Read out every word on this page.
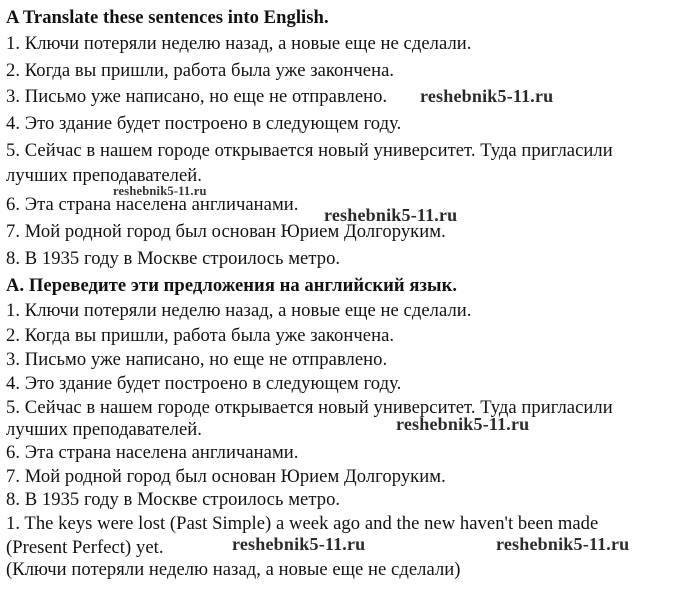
A Translate these sentences into English.
1. Ключи потеряли неделю назад, а новые еще не сделали.
2. Когда вы пришли, работа была уже закончена.
3. Письмо уже написано, но еще не отправлено.
4. Это здание будет построено в следующем году.
5. Сейчас в нашем городе открывается новый университет. Туда пригласили
лучших преподавателей.
6. Эта страна населена англичанами.
7. Мой родной город был основан Юрием Долгоруким.
8. В 1935 году в Москве строилось метро.
А. Переведите эти предложения на английский язык.
1. Ключи потеряли неделю назад, а новые еще не сделали.
2. Когда вы пришли, работа была уже закончена.
3. Письмо уже написано, но еще не отправлено.
4. Это здание будет построено в следующем году.
5. Сейчас в нашем городе открывается новый университет. Туда пригласили
лучших преподавателей.
6. Эта страна населена англичанами.
7. Мой родной город был основан Юрием Долгоруким.
8. В 1935 году в Москве строилось метро.
1. The keys were lost (Past Simple) a week ago and the new haven't been made
(Present Perfect) yet.
(Ключи потеряли неделю назад, а новые еще не сделали)
reshebnik5-11.ru
reshebnik5-11.ru
reshebnik5-11.ru
reshebnik5-11.ru
reshebnik5-11.ru	reshebnik5-11.ru
